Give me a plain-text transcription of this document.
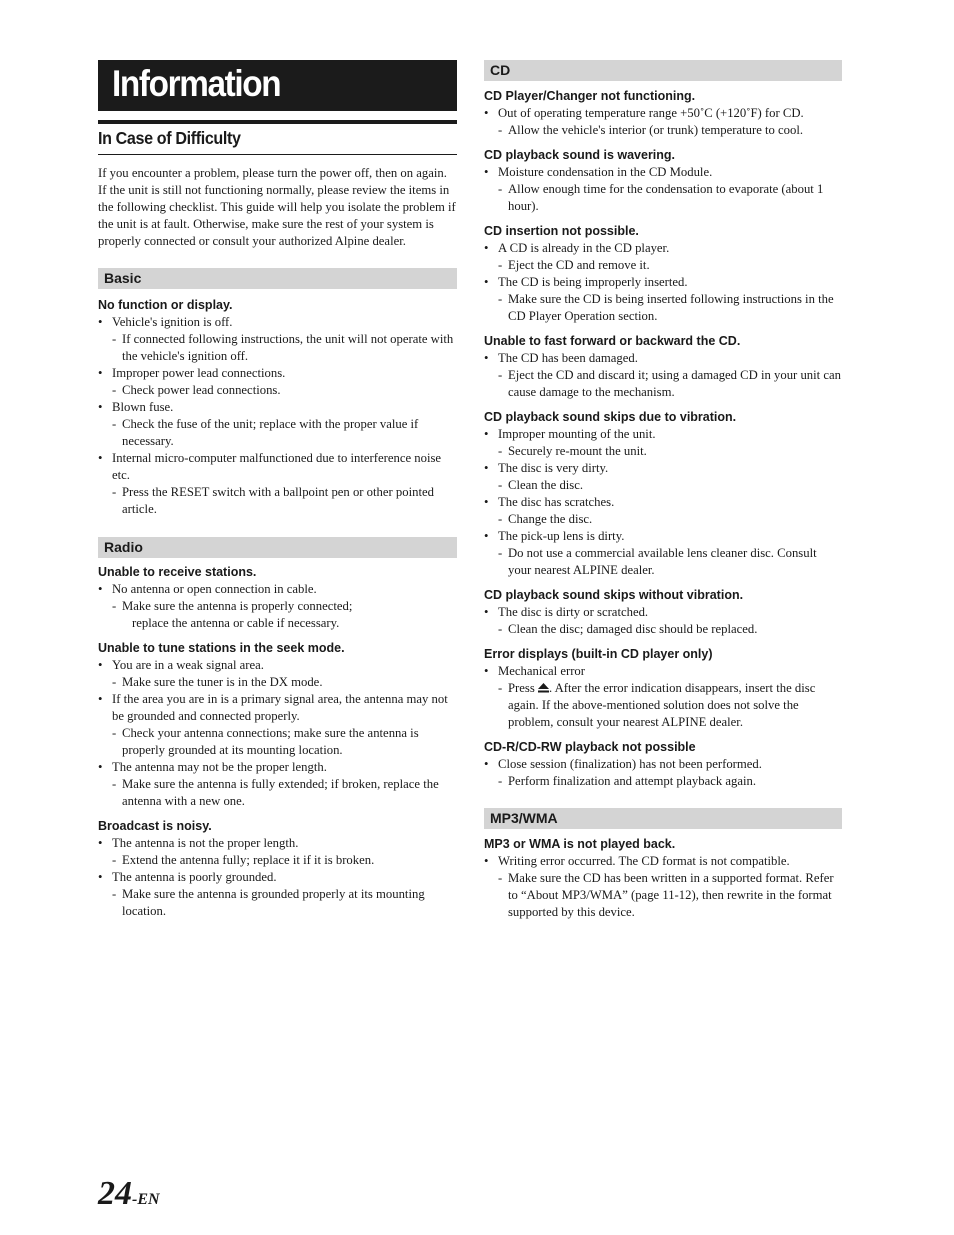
Information
In Case of Difficulty
If you encounter a problem, please turn the power off, then on again. If the unit is still not functioning normally, please review the items in the following checklist. This guide will help you isolate the problem if the unit is at fault. Otherwise, make sure the rest of your system is properly connected or consult your authorized Alpine dealer.
Basic
No function or display.
• Vehicle's ignition is off.
- If connected following instructions, the unit will not operate with the vehicle's ignition off.
• Improper power lead connections.
- Check power lead connections.
• Blown fuse.
- Check the fuse of the unit; replace with the proper value if necessary.
• Internal micro-computer malfunctioned due to interference noise etc.
- Press the RESET switch with a ballpoint pen or other pointed article.
Radio
Unable to receive stations.
• No antenna or open connection in cable.
- Make sure the antenna is properly connected;
replace the antenna or cable if necessary.
Unable to tune stations in the seek mode.
• You are in a weak signal area.
- Make sure the tuner is in the DX mode.
• If the area you are in is a primary signal area, the antenna may not be grounded and connected properly.
- Check your antenna connections; make sure the antenna is properly grounded at its mounting location.
• The antenna may not be the proper length.
- Make sure the antenna is fully extended; if broken, replace the antenna with a new one.
Broadcast is noisy.
• The antenna is not the proper length.
- Extend the antenna fully; replace it if it is broken.
• The antenna is poorly grounded.
- Make sure the antenna is grounded properly at its mounting location.
CD
CD Player/Changer not functioning.
• Out of operating temperature range +50˚C (+120˚F) for CD.
- Allow the vehicle's interior (or trunk) temperature to cool.
CD playback sound is wavering.
• Moisture condensation in the CD Module.
- Allow enough time for the condensation to evaporate (about 1 hour).
CD insertion not possible.
• A CD is already in the CD player.
- Eject the CD and remove it.
• The CD is being improperly inserted.
- Make sure the CD is being inserted following instructions in the CD Player Operation section.
Unable to fast forward or backward the CD.
• The CD has been damaged.
- Eject the CD and discard it; using a damaged CD in your unit can cause damage to the mechanism.
CD playback sound skips due to vibration.
• Improper mounting of the unit.
- Securely re-mount the unit.
• The disc is very dirty.
- Clean the disc.
• The disc has scratches.
- Change the disc.
• The pick-up lens is dirty.
- Do not use a commercial available lens cleaner disc. Consult your nearest ALPINE dealer.
CD playback sound skips without vibration.
• The disc is dirty or scratched.
- Clean the disc; damaged disc should be replaced.
Error displays (built-in CD player only)
• Mechanical error
- Press . After the error indication disappears, insert the disc again. If the above-mentioned solution does not solve the problem, consult your nearest ALPINE dealer.
CD-R/CD-RW playback not possible
• Close session (finalization) has not been performed.
- Perform finalization and attempt playback again.
MP3/WMA
MP3 or WMA is not played back.
• Writing error occurred. The CD format is not compatible.
- Make sure the CD has been written in a supported format. Refer to “About MP3/WMA” (page 11-12), then rewrite in the format supported by this device.
24-EN
